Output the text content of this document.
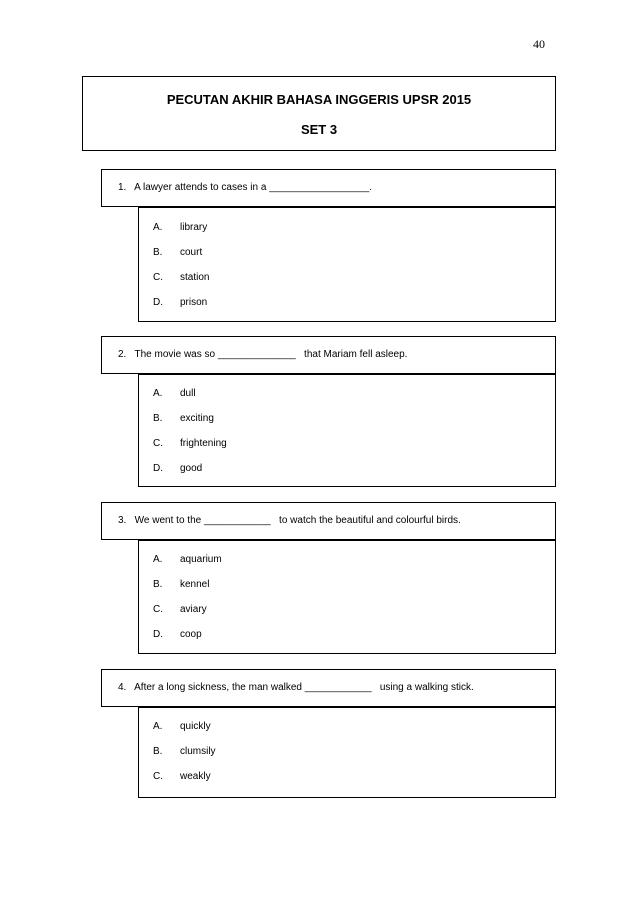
40
PECUTAN AKHIR BAHASA INGGERIS UPSR 2015
SET 3
1.   A lawyer attends to cases in a __________________.
A. library
B. court
C. station
D. prison
2.   The movie was so ______________   that Mariam fell asleep.
A. dull
B. exciting
C. frightening
D. good
3.   We went to the ____________   to watch the beautiful and colourful birds.
A. aquarium
B. kennel
C. aviary
D. coop
4.   After a long sickness, the man walked ____________   using a walking stick.
A. quickly
B. clumsily
C. weakly
